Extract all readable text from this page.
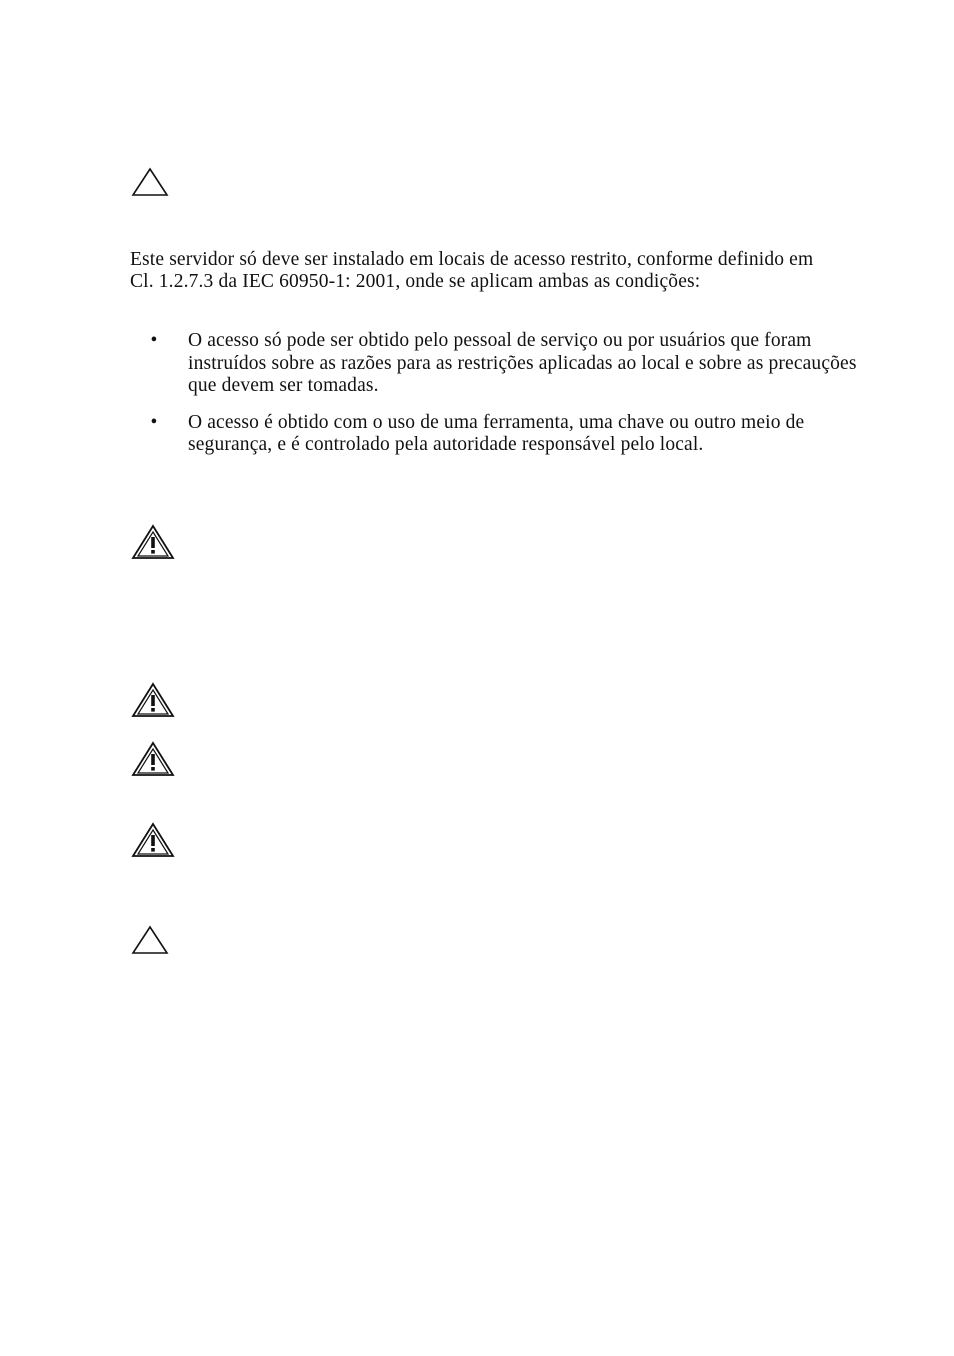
Este servidor só deve ser instalado em locais de acesso restrito, conforme definido em Cl. 1.2.7.3 da IEC 60950-1: 2001, onde se aplicam ambas as condições:

• O acesso só pode ser obtido pelo pessoal de serviço ou por usuários que foram instruídos sobre as razões para as restrições aplicadas ao local e sobre as precauções que devem ser tomadas.
• O acesso é obtido com o uso de uma ferramenta, uma chave ou outro meio de segurança, e é controlado pela autoridade responsável pelo local.
